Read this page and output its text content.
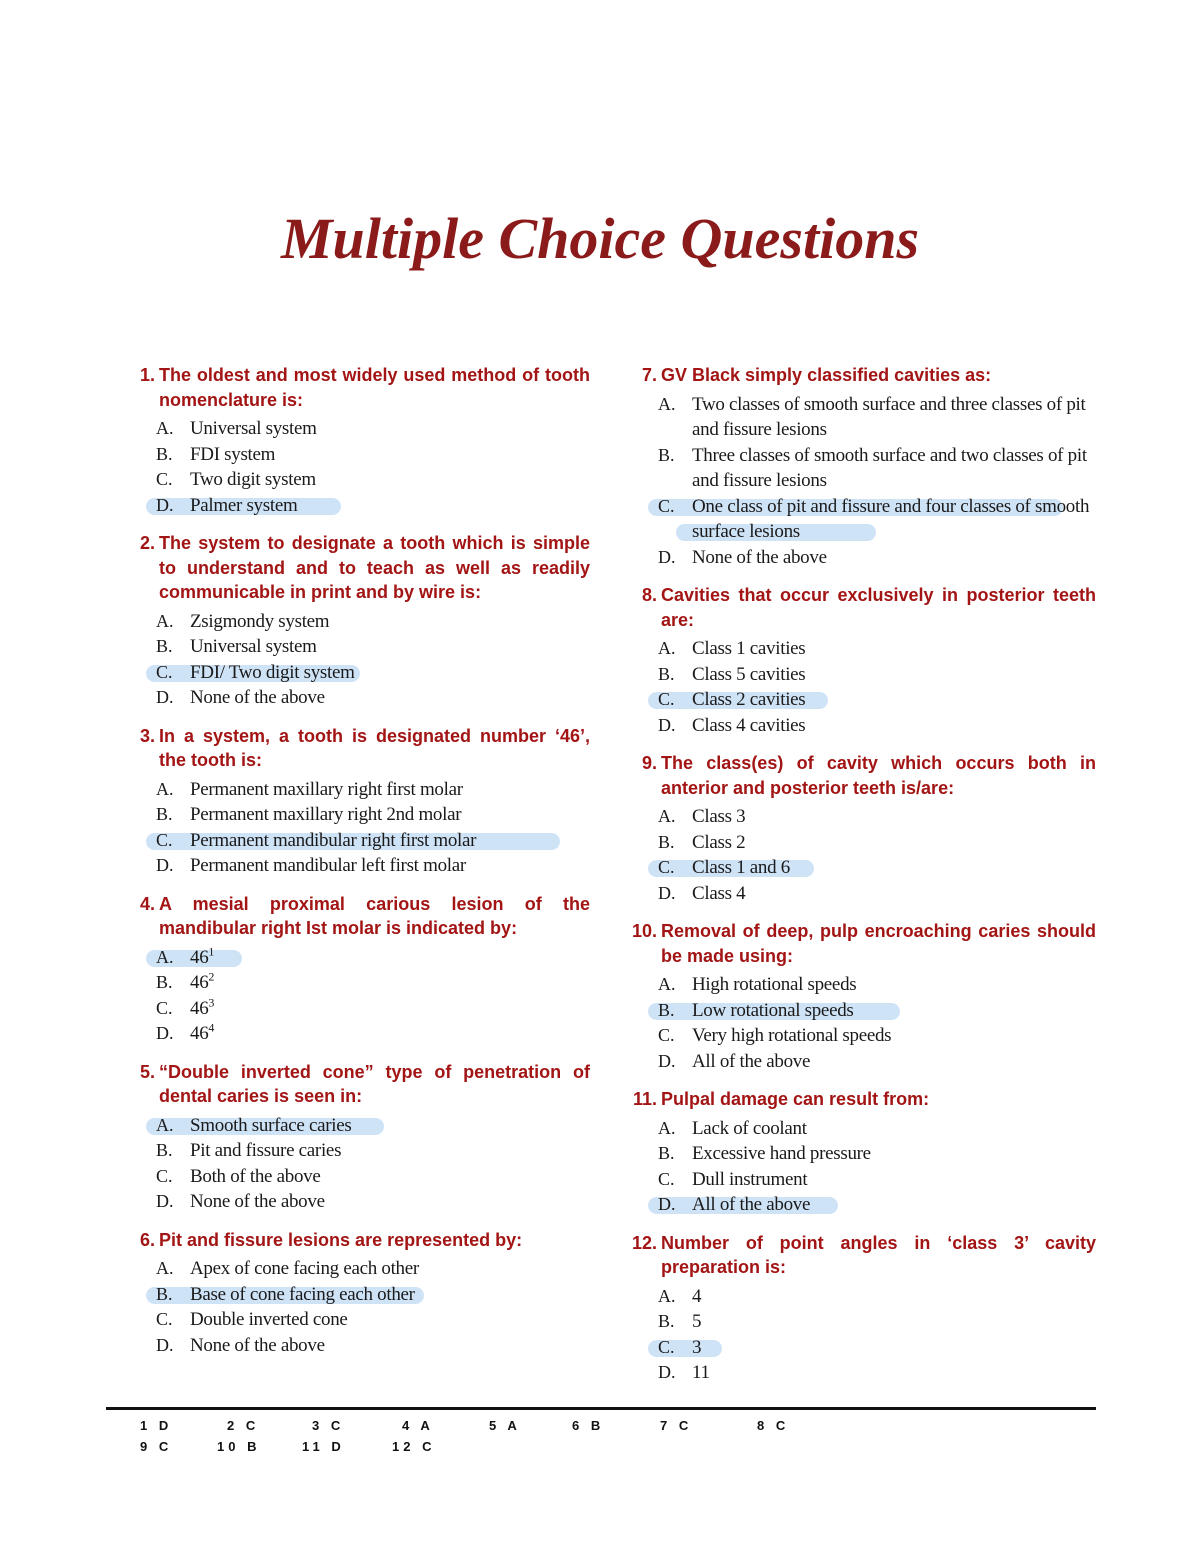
Multiple Choice Questions
1. The oldest and most widely used method of tooth nomenclature is:
A. Universal system
B. FDI system
C. Two digit system
D. Palmer system
2. The system to designate a tooth which is simple to understand and to teach as well as readily communicable in print and by wire is:
A. Zsigmondy system
B. Universal system
C. FDI/ Two digit system
D. None of the above
3. In a system, a tooth is designated number ‘46’, the tooth is:
A. Permanent maxillary right first molar
B. Permanent maxillary right 2nd molar
C. Permanent mandibular right first molar
D. Permanent mandibular left first molar
4. A mesial proximal carious lesion of the mandibular right Ist molar is indicated by:
A. $46^1$
B. $46^2$
C. $46^3$
D. $46^4$
5. “Double inverted cone” type of penetration of dental caries is seen in:
A. Smooth surface caries
B. Pit and fissure caries
C. Both of the above
D. None of the above
6. Pit and fissure lesions are represented by:
A. Apex of cone facing each other
B. Base of cone facing each other
C. Double inverted cone
D. None of the above
7. GV Black simply classified cavities as:
A. Two classes of smooth surface and three classes of pit and fissure lesions
B. Three classes of smooth surface and two classes of pit and fissure lesions
C. One class of pit and fissure and four classes of smooth surface lesions
D. None of the above
8. Cavities that occur exclusively in posterior teeth are:
A. Class 1 cavities
B. Class 5 cavities
C. Class 2 cavities
D. Class 4 cavities
9. The class(es) of cavity which occurs both in anterior and posterior teeth is/are:
A. Class 3
B. Class 2
C. Class 1 and 6
D. Class 4
10. Removal of deep, pulp encroaching caries should be made using:
A. High rotational speeds
B. Low rotational speeds
C. Very high rotational speeds
D. All of the above
11. Pulpal damage can result from:
A. Lack of coolant
B. Excessive hand pressure
C. Dull instrument
D. All of the above
12. Number of point angles in ‘class 3’ cavity preparation is:
A. 4
B. 5
C. 3
D. 11
1 D	2 C	3 C	4 A	5 A	6 B	7 C	8 C
9 C	10 B	11 D	12 C
